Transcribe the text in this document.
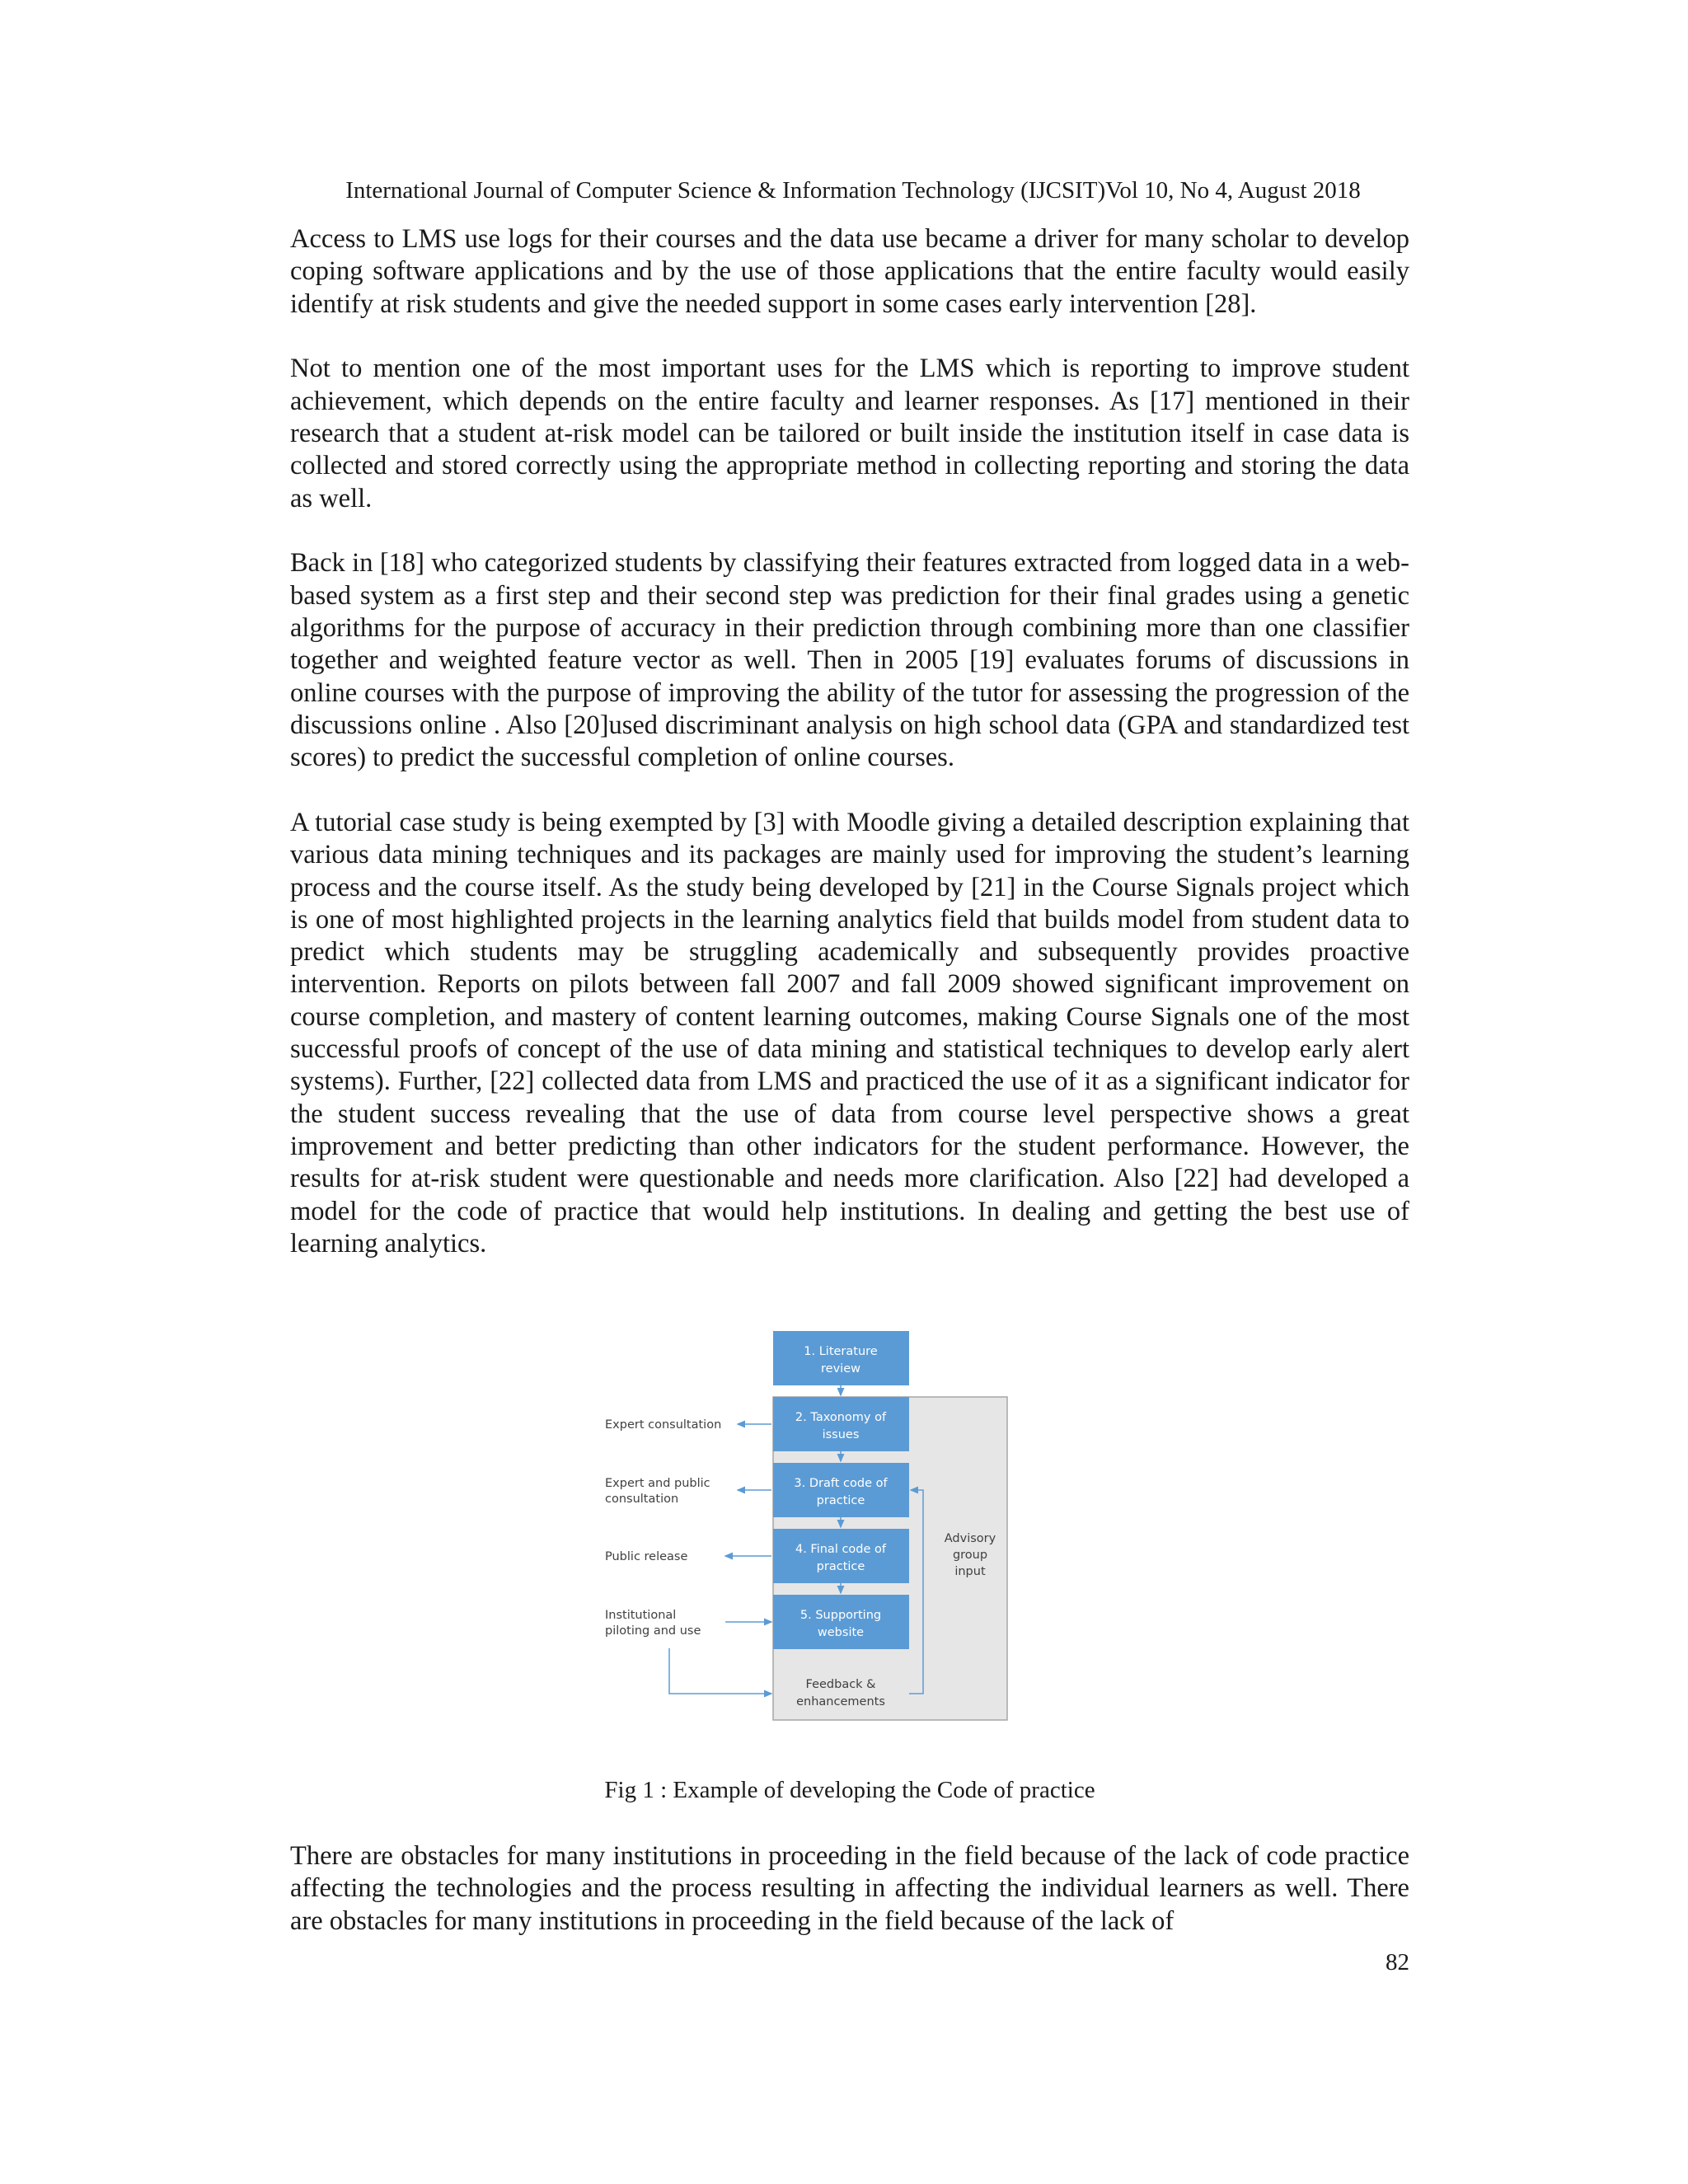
International Journal of Computer Science & Information Technology (IJCSIT)Vol 10, No 4, August 2018

Access to LMS use logs for their courses and the data use became a driver for many scholar to develop coping software applications and by the use of those applications that the entire faculty would easily identify at risk students and give the needed support in some cases early intervention [28].

Not to mention one of the most important uses for the LMS which is reporting to improve student achievement, which depends on the entire faculty and learner responses. As [17] mentioned in their research that a student at-risk model can be tailored or built inside the institution itself in case data is collected and stored correctly using the appropriate method in collecting reporting and storing the data as well.

Back in [18] who categorized students by classifying their features extracted from logged data in a web-based system as a first step and their second step was prediction for their final grades using a genetic algorithms for the purpose of accuracy in their prediction through combining more than one classifier together and weighted feature vector as well. Then in 2005 [19] evaluates forums of discussions in online courses with the purpose of improving the ability of the tutor for assessing the progression of the discussions online . Also [20]used discriminant analysis on high school data (GPA and standardized test scores) to predict the successful completion of online courses.

A tutorial case study is being exempted by [3] with Moodle giving a detailed description explaining that various data mining techniques and its packages are mainly used for improving the student’s learning process and the course itself. As the study being developed by [21] in the Course Signals project which is one of most highlighted projects in the learning analytics field that builds model from student data to predict which students may be struggling academically and subsequently provides proactive intervention. Reports on pilots between fall 2007 and fall 2009 showed significant improvement on course completion, and mastery of content learning outcomes, making Course Signals one of the most successful proofs of concept of the use of data mining and statistical techniques to develop early alert systems). Further, [22] collected data from LMS and practiced the use of it as a significant indicator for the student success revealing that the use of data from course level perspective shows a great improvement and better predicting than other indicators for the student performance. However, the results for at-risk student were questionable and needs more clarification. Also [22] had developed a model for the code of practice that would help institutions. In dealing and getting the best use of learning analytics.

1. Literature
review
2. Taxonomy of
issues
3. Draft code of
practice
4. Final code of
practice
5. Supporting
website
Expert consultation
Expert and public
consultation
Public release
Institutional
piloting and use
Advisory
group
input
Feedback &
enhancements
Fig 1 : Example of developing the Code of practice

There are obstacles for many institutions in proceeding in the field because of the lack of code practice affecting the technologies and the process resulting in affecting the individual learners as well. There are obstacles for many institutions in proceeding in the field because of the lack of

82
